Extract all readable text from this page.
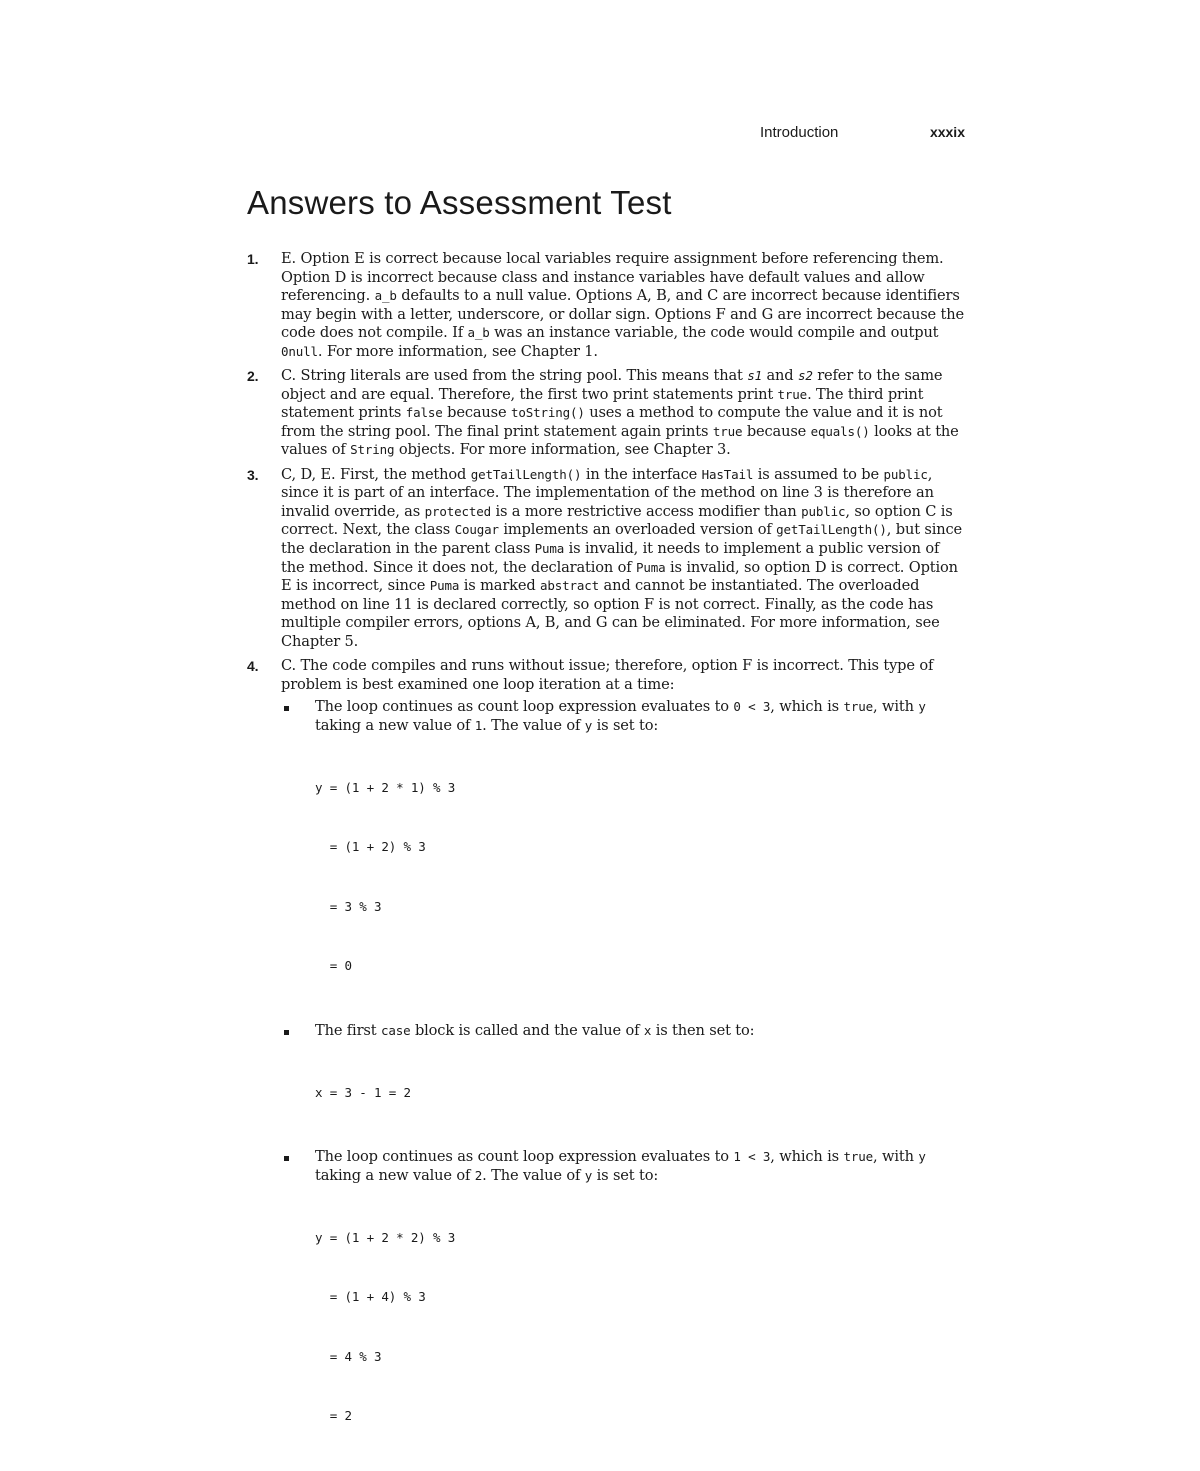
Introduction	xxxix
Answers to Assessment Test
1. E. Option E is correct because local variables require assignment before referencing them. Option D is incorrect because class and instance variables have default values and allow referencing. a_b defaults to a null value. Options A, B, and C are incorrect because identifiers may begin with a letter, underscore, or dollar sign. Options F and G are incorrect because the code does not compile. If a_b was an instance variable, the code would compile and output 0null. For more information, see Chapter 1.
2. C. String literals are used from the string pool. This means that s1 and s2 refer to the same object and are equal. Therefore, the first two print statements print true. The third print statement prints false because toString() uses a method to compute the value and it is not from the string pool. The final print statement again prints true because equals() looks at the values of String objects. For more information, see Chapter 3.
3. C, D, E. First, the method getTailLength() in the interface HasTail is assumed to be public, since it is part of an interface. The implementation of the method on line 3 is therefore an invalid override, as protected is a more restrictive access modifier than public, so option C is correct. Next, the class Cougar implements an overloaded version of getTailLength(), but since the declaration in the parent class Puma is invalid, it needs to implement a public version of the method. Since it does not, the declaration of Puma is invalid, so option D is correct. Option E is incorrect, since Puma is marked abstract and cannot be instantiated. The overloaded method on line 11 is declared correctly, so option F is not correct. Finally, as the code has multiple compiler errors, options A, B, and G can be eliminated. For more information, see Chapter 5.
4. C. The code compiles and runs without issue; therefore, option F is incorrect. This type of problem is best examined one loop iteration at a time:
The loop continues as count loop expression evaluates to 0 < 3, which is true, with y taking a new value of 1. The value of y is set to:

y = (1 + 2 * 1) % 3

= (1 + 2) % 3

= 3 % 3

= 0

The first case block is called and the value of x is then set to:

x = 3 - 1 = 2

The loop continues as count loop expression evaluates to 1 < 3, which is true, with y taking a new value of 2. The value of y is set to:

y = (1 + 2 * 2) % 3

= (1 + 4) % 3

= 4 % 3

= 2
